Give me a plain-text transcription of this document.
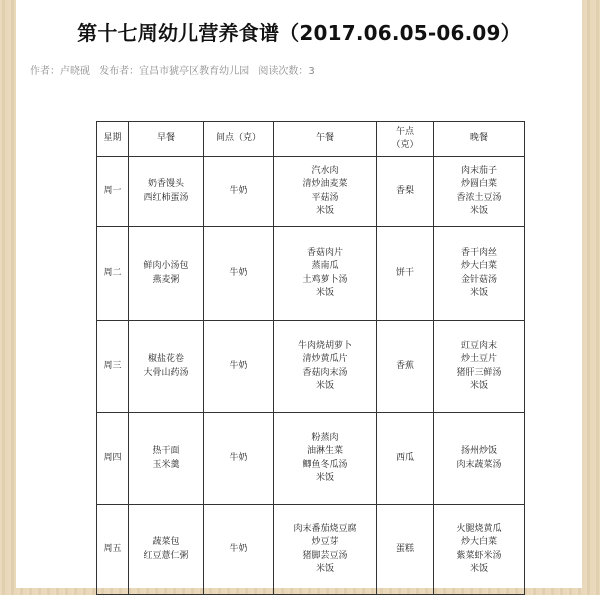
第十七周幼儿营养食谱（2017.06.05-06.09）
作者：卢晓砚 发布者：宜昌市猇亭区教育幼儿园 阅读次数：3
星期	早餐	间点（克）	午餐	午点
（克）	晚餐
周一	奶香馒头
西红柿蛋汤	牛奶	汽水肉
清炒油麦菜
平菇汤
米饭	香梨	肉末茄子
炒圆白菜
香浓土豆汤
米饭

周二	鲜肉小汤包
燕麦粥	牛奶	香菇肉片
蒸南瓜
土鸡萝卜汤
米饭	饼干	香干肉丝
炒大白菜
金针菇汤
米饭

周三	椒盐花卷
大骨山药汤	牛奶	牛肉烧胡萝卜
清炒黄瓜片
香菇肉末汤
米饭	香蕉	豇豆肉末
炒土豆片
猪肝三鲜汤
米饭

周四	热干面
玉米羹	牛奶	粉蒸肉
油淋生菜
鲫鱼冬瓜汤
米饭	西瓜	扬州炒饭
肉末蔬菜汤

周五	蔬菜包
红豆薏仁粥	牛奶	肉末番茄烧豆腐
炒豆芽
猪脚芸豆汤
米饭	蛋糕	火腿烧黄瓜
炒大白菜
紫菜虾米汤
米饭
